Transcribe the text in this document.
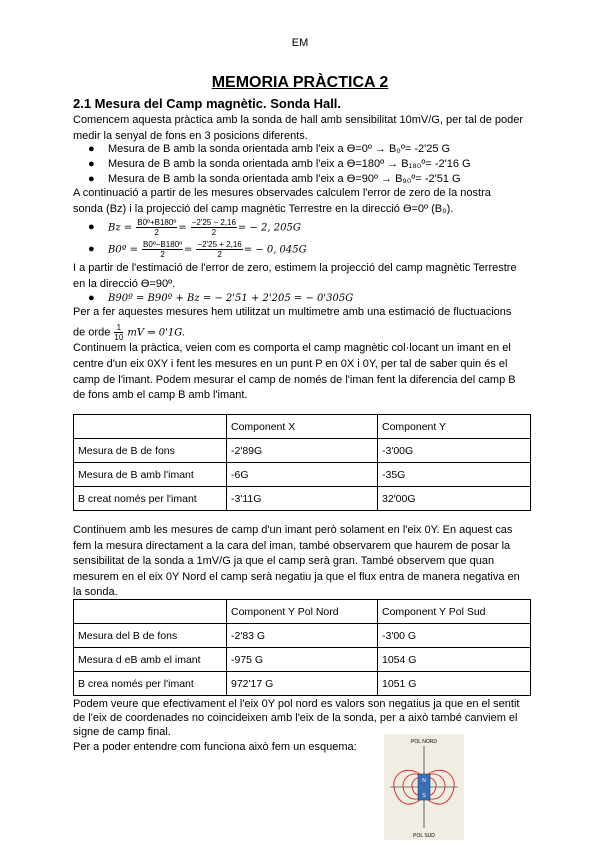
EM
MEMORIA PRÀCTICA 2
2.1 Mesura del Camp magnètic. Sonda Hall.
Comencem aquesta pràctica amb la sonda de hall amb sensibilitat 10mV/G, per tal de poder
medir la senyal de fons en 3 posicions diferents.
● Mesura de B amb la sonda orientada amb l'eix a Ɵ=0º → B₀º= -2'25 G
● Mesura de B amb la sonda orientada amb l'eix a Ɵ=180º → B₁₈₀º= -2'16 G
● Mesura de B amb la sonda orientada amb l'eix a Ɵ=90º → B₉₀º= -2'51 G
A continuació a partir de les mesures observades calculem l'error de zero de la nostra
sonda (Bz) i la projecció del camp magnètic Terrestre en la direcció Ɵ=0º (B₀).
● $Bz = \frac{\text{B0º+B180º}}{2} = \frac{-2'25 - 2,16}{2}$ = − 2, 205G
● B0º = $\frac{\text{B0º−B180º}}{2} = \frac{-2'25 + 2,16}{2}$ = − 0, 045G
I a partir de l'estimació de l'error de zero, estimem la projecció del camp magnètic Terrestre
en la direcció Ɵ=90º.
● B90º = B90º + Bz = − 2'51 + 2'205 = − 0'305G
Per a fer aquestes mesures hem utilitzat un multimetre amb una estimació de fluctuacions
de orde $\frac{1}{10}$ mV ⇒ 0'1G.
Continuem la pràctica, veien com es comporta el camp magnètic col·locant un imant en el
centre d'un eix 0XY i fent les mesures en un punt P en 0X i 0Y, per tal de saber quin és el
camp de l'imant. Podem mesurar el camp de només de l'iman fent la diferencia del camp B
de fons amb el camp B amb l'imant.
	Component X	Component Y
Mesura de B de fons	-2'89G	-3'00G
Mesura de B amb l'imant	-6G	-35G
B creat només per l'imant	-3'11G	32'00G
Continuem amb les mesures de camp d'un imant però solament en l'eix 0Y. En aquest cas
fem la mesura directament a la cara del iman, també observarem que haurem de posar la
sensibilitat de la sonda a 1mV/G ja que el camp serà gran. També observem que quan
mesurem en el eix 0Y Nord el camp serà negatiu ja que el flux entra de manera negativa en
la sonda.
	Component Y Pol Nord	Component Y Pol Sud
Mesura del B de fons	-2'83 G	-3'00 G
Mesura d eB amb el imant	-975 G	1054 G
B crea només per l'imant	972'17 G	1051 G
Podem veure que efectivament el l'eix 0Y pol nord es valors son negatius ja que en el sentit
de l'eix de coordenades no coincideixen amb l'eix de la sonda, per a això també canviem el
signe de camp final.
Per a poder entendre com funciona això fem un esquema:	POL NORD
POL SUD
N
S
